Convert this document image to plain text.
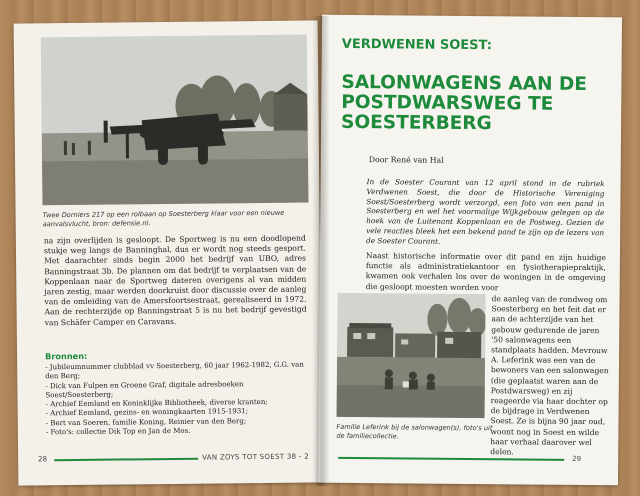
Twee Dorniers 217 op een rolbaan op Soesterberg klaar voor een nieuwe aanvalsvlucht, bron: defensie.nl.
na zijn overlijden is gesloopt. De Sportweg is nu een doodlopend stukje weg langs de Banninghal, dus er wordt nog steeds gesport. Met daarachter sinds begin 2000 het bedrijf van UBO, adres Banningstraat 3b. De plannen om dat bedrijf te verplaatsen van de Koppenlaan naar de Sportweg dateren overigens al van midden jaren zestig, maar werden doorkruist door discussie over de aanleg van de omleiding van de Amersfoortsestraat, gerealiseerd in 1972. Aan de rechterzijde op Banningstraat 5 is nu het bedrijf gevestigd van Schäfer Camper en Caravans.
Bronnen:
- Jubileumnummer clubblad vv Soesterberg, 60 jaar 1962-1982, G.G. van den Berg;
- Dick van Fulpen en Groene Graf, digitale adresboeken Soest/Soesterberg;
- Archief Eemland en Koninklijke Bibliotheek, diverse kranten;
- Archief Eemland, gezins- en woningkaarten 1915-1931;
- Bert van Soeren, familie Koning, Reinier van den Berg;
- Foto's: collectie Dik Top en Jan de Mos.
28	VAN ZOYS TOT SOEST 38 - 2
VERDWENEN SOEST:
SALONWAGENS AAN DE POSTDWARSWEG TE SOESTERBERG
Door René van Hal
In de Soester Courant van 12 april stond in de rubriek Verdwenen Soest, die door de Historische Vereniging Soest/Soesterberg wordt verzorgd, een foto van een pand in Soesterberg en wel het voormalige Wijkgebouw gelegen op de hoek van de Luitenant Koppenlaan en de Postweg. Gezien de vele reacties bleek het een bekend pand te zijn op de lezers van de Soester Courant.
Naast historische informatie over dit pand en zijn huidige functie als administratiekantoor en fysiotherapiepraktijk, kwamen ook verhalen los over de woningen in de omgeving die gesloopt moesten worden voor
Familie Leferink bij de salonwagen(s), foto's uit de familiecollectie.
de aanleg van de rondweg om Soesterberg en het feit dat er aan de achterzijde van het gebouw gedurende de jaren '50 salonwagens een standplaats hadden. Mevrouw A. Leferink was een van de bewoners van een salonwagen (die geplaatst waren aan de Postdwarsweg) en zij reageerde via haar dochter op de bijdrage in Verdwenen Soest. Ze is bijna 90 jaar oud, woont nog in Soest en wilde haar verhaal daarover wel delen.
29
